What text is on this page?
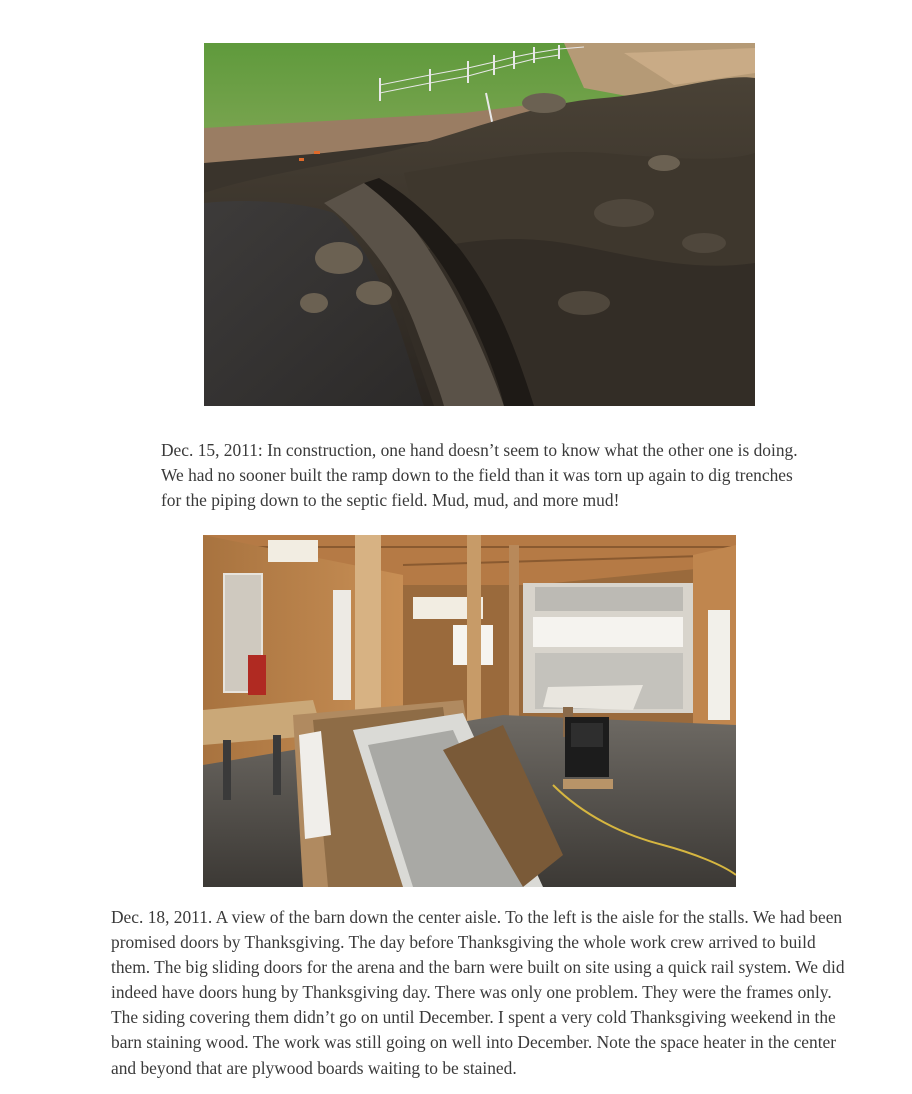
Dec. 15, 2011: In construction, one hand doesn’t seem to know what the other one is doing. We had no sooner built the ramp down to the field than it was torn up again to dig trenches for the piping down to the septic field. Mud, mud, and more mud!

Dec. 18, 2011. A view of the barn down the center aisle. To the left is the aisle for the stalls. We had been promised doors by Thanksgiving. The day before Thanksgiving the whole work crew arrived to build them. The big sliding doors for the arena and the barn were built on site using a quick rail system. We did indeed have doors hung by Thanksgiving day. There was only one problem. They were the frames only. The siding covering them didn’t go on until December. I spent a very cold Thanksgiving weekend in the barn staining wood. The work was still going on well into December. Note the space heater in the center and beyond that are plywood boards waiting to be stained.
